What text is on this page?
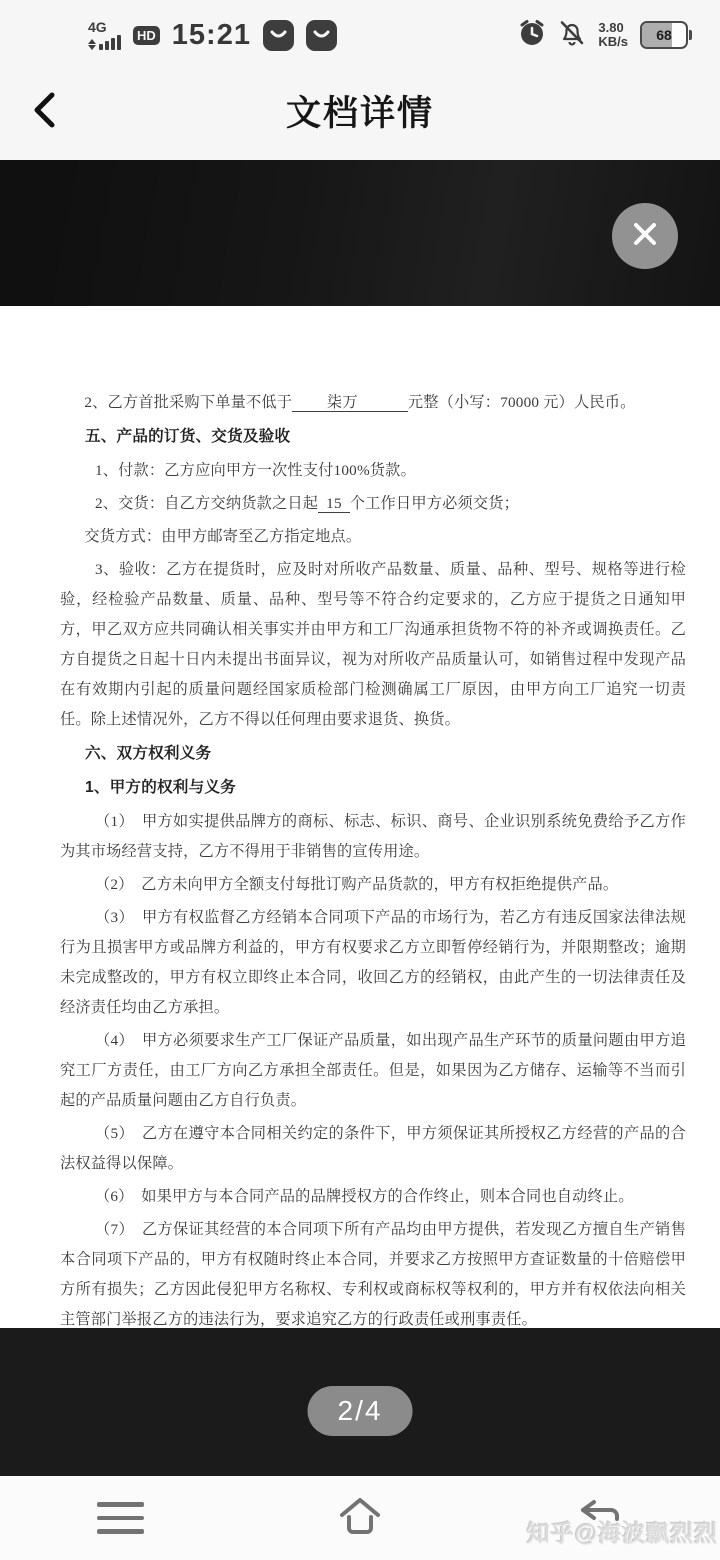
4G	HD 15:21	3.80
KB/s 68
文档详情

2、乙方首批采购下单量不低于　　柒万　　　元整（小写：70000 元）人民币。

五、产品的订货、交货及验收

1、付款：乙方应向甲方一次性支付100%货款。

2、交货：自乙方交纳货款之日起 15 个工作日甲方必须交货；

交货方式：由甲方邮寄至乙方指定地点。

3、验收：乙方在提货时，应及时对所收产品数量、质量、品种、型号、规格等进行检验，经检验产品数量、质量、品种、型号等不符合约定要求的，乙方应于提货之日通知甲方，甲乙双方应共同确认相关事实并由甲方和工厂沟通承担货物不符的补齐或调换责任。乙方自提货之日起十日内未提出书面异议，视为对所收产品质量认可，如销售过程中发现产品在有效期内引起的质量问题经国家质检部门检测确属工厂原因，由甲方向工厂追究一切责任。除上述情况外，乙方不得以任何理由要求退货、换货。

六、双方权利义务

1、甲方的权利与义务

（1）　甲方如实提供品牌方的商标、标志、标识、商号、企业识别系统免费给予乙方作为其市场经营支持，乙方不得用于非销售的宣传用途。

（2）　乙方未向甲方全额支付每批订购产品货款的，甲方有权拒绝提供产品。

（3）　甲方有权监督乙方经销本合同项下产品的市场行为，若乙方有违反国家法律法规行为且损害甲方或品牌方利益的，甲方有权要求乙方立即暂停经销行为，并限期整改；逾期未完成整改的，甲方有权立即终止本合同，收回乙方的经销权，由此产生的一切法律责任及经济责任均由乙方承担。

（4）　甲方必须要求生产工厂保证产品质量，如出现产品生产环节的质量问题由甲方追究工厂方责任，由工厂方向乙方承担全部责任。但是，如果因为乙方储存、运输等不当而引起的产品质量问题由乙方自行负责。

（5）　乙方在遵守本合同相关约定的条件下，甲方须保证其所授权乙方经营的产品的合法权益得以保障。

（6）　如果甲方与本合同产品的品牌授权方的合作终止，则本合同也自动终止。

（7）　乙方保证其经营的本合同项下所有产品均由甲方提供，若发现乙方擅自生产销售本合同项下产品的，甲方有权随时终止本合同，并要求乙方按照甲方查证数量的十倍赔偿甲方所有损失；乙方因此侵犯甲方名称权、专利权或商标权等权利的，甲方并有权依法向相关主管部门举报乙方的违法行为，要求追究乙方的行政责任或刑事责任。

2/4
知乎@海波飘烈烈
